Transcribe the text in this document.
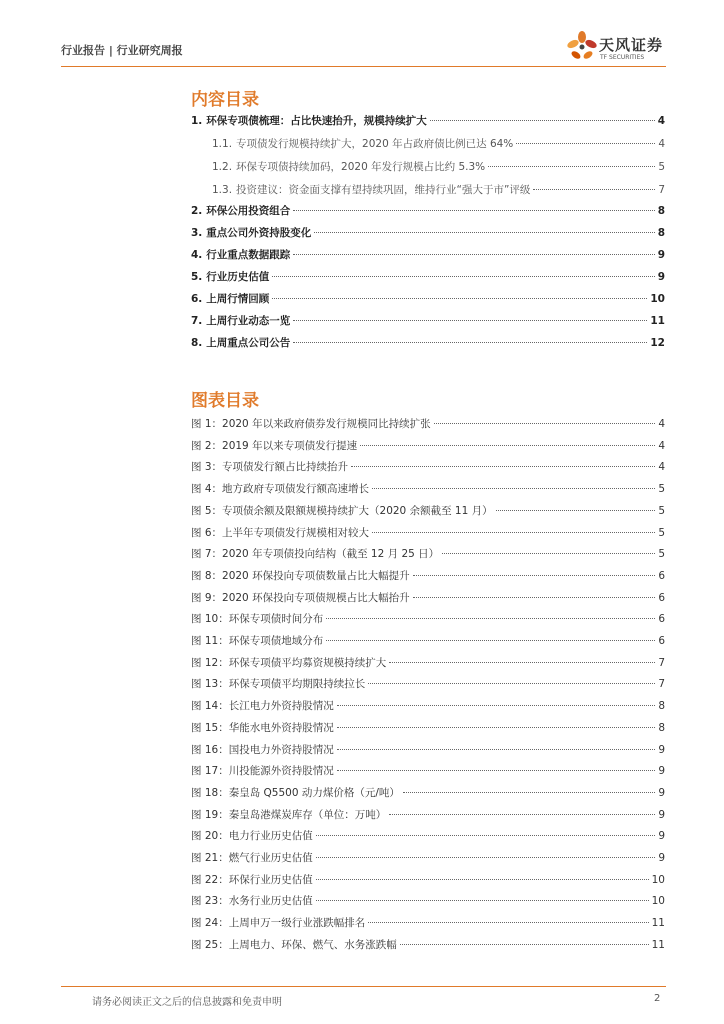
行业报告 | 行业研究周报	天风证券
TF SECURITIES
内容目录
1. 环保专项债梳理：占比快速抬升，规模持续扩大	4
1.1. 专项债发行规模持续扩大，2020 年占政府债比例已达 64%	4
1.2. 环保专项债持续加码，2020 年发行规模占比约 5.3%	5
1.3. 投资建议：资金面支撑有望持续巩固，维持行业“强大于市”评级	7
2. 环保公用投资组合	8
3. 重点公司外资持股变化	8
4. 行业重点数据跟踪	9
5. 行业历史估值	9
6. 上周行情回顾	10
7. 上周行业动态一览	11
8. 上周重点公司公告	12
图表目录
图 1：2020 年以来政府债券发行规模同比持续扩张	4
图 2：2019 年以来专项债发行提速	4
图 3：专项债发行额占比持续抬升	4
图 4：地方政府专项债发行额高速增长	5
图 5：专项债余额及限额规模持续扩大（2020 余额截至 11 月）	5
图 6：上半年专项债发行规模相对较大	5
图 7：2020 年专项债投向结构（截至 12 月 25 日）	5
图 8：2020 环保投向专项债数量占比大幅提升	6
图 9：2020 环保投向专项债规模占比大幅抬升	6
图 10：环保专项债时间分布	6
图 11：环保专项债地域分布	6
图 12：环保专项债平均募资规模持续扩大	7
图 13：环保专项债平均期限持续拉长	7
图 14：长江电力外资持股情况	8
图 15：华能水电外资持股情况	8
图 16：国投电力外资持股情况	9
图 17：川投能源外资持股情况	9
图 18：秦皇岛 Q5500 动力煤价格（元/吨）	9
图 19：秦皇岛港煤炭库存（单位：万吨）	9
图 20：电力行业历史估值	9
图 21：燃气行业历史估值	9
图 22：环保行业历史估值	10
图 23：水务行业历史估值	10
图 24：上周申万一级行业涨跌幅排名	11
图 25：上周电力、环保、燃气、水务涨跌幅	11
请务必阅读正文之后的信息披露和免责申明	2
